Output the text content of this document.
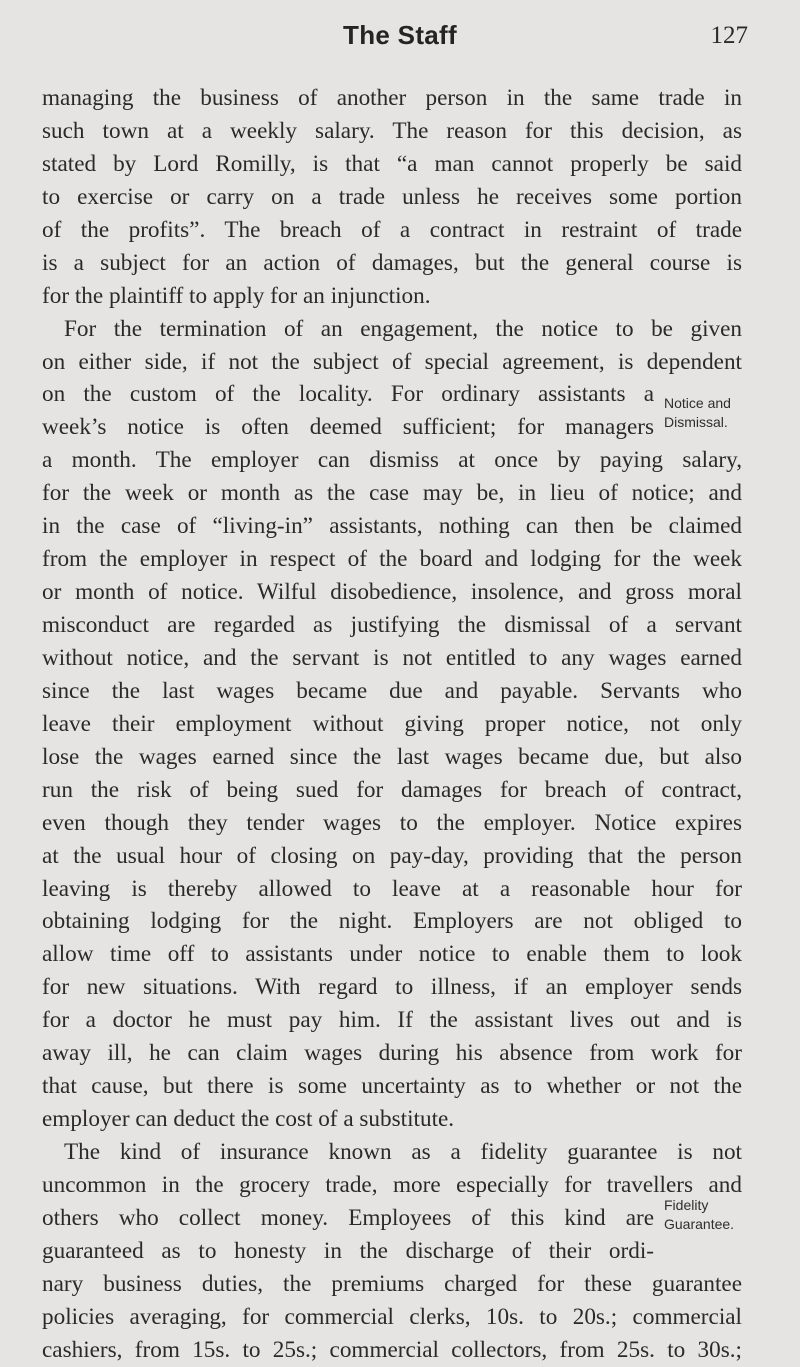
The Staff	127
managing the business of another person in the same trade in
such town at a weekly salary. The reason for this decision, as
stated by Lord Romilly, is that “a man cannot properly be said
to exercise or carry on a trade unless he receives some portion
of the profits”. The breach of a contract in restraint of trade
is a subject for an action of damages, but the general course is
for the plaintiff to apply for an injunction.
For the termination of an engagement, the notice to be given
on either side, if not the subject of special agreement, is dependent
on the custom of the locality. For ordinary assistants a
week’s notice is often deemed sufficient; for managers
a month. The employer can dismiss at once by paying salary,
for the week or month as the case may be, in lieu of notice; and
in the case of “living-in” assistants, nothing can then be claimed
from the employer in respect of the board and lodging for the week
or month of notice. Wilful disobedience, insolence, and gross moral
misconduct are regarded as justifying the dismissal of a servant
without notice, and the servant is not entitled to any wages earned
since the last wages became due and payable. Servants who
leave their employment without giving proper notice, not only
lose the wages earned since the last wages became due, but also
run the risk of being sued for damages for breach of contract,
even though they tender wages to the employer. Notice expires
at the usual hour of closing on pay-day, providing that the person
leaving is thereby allowed to leave at a reasonable hour for
obtaining lodging for the night. Employers are not obliged to
allow time off to assistants under notice to enable them to look
for new situations. With regard to illness, if an employer sends
for a doctor he must pay him. If the assistant lives out and is
away ill, he can claim wages during his absence from work for
that cause, but there is some uncertainty as to whether or not the
employer can deduct the cost of a substitute.
The kind of insurance known as a fidelity guarantee is not
uncommon in the grocery trade, more especially for travellers and
others who collect money. Employees of this kind are
guaranteed as to honesty in the discharge of their ordi-
nary business duties, the premiums charged for these guarantee
policies averaging, for commercial clerks, 10s. to 20s.; commercial
cashiers, from 15s. to 25s.; commercial collectors, from 25s. to 30s.;
Notice and
Dismissal.
Fidelity
Guarantee.
